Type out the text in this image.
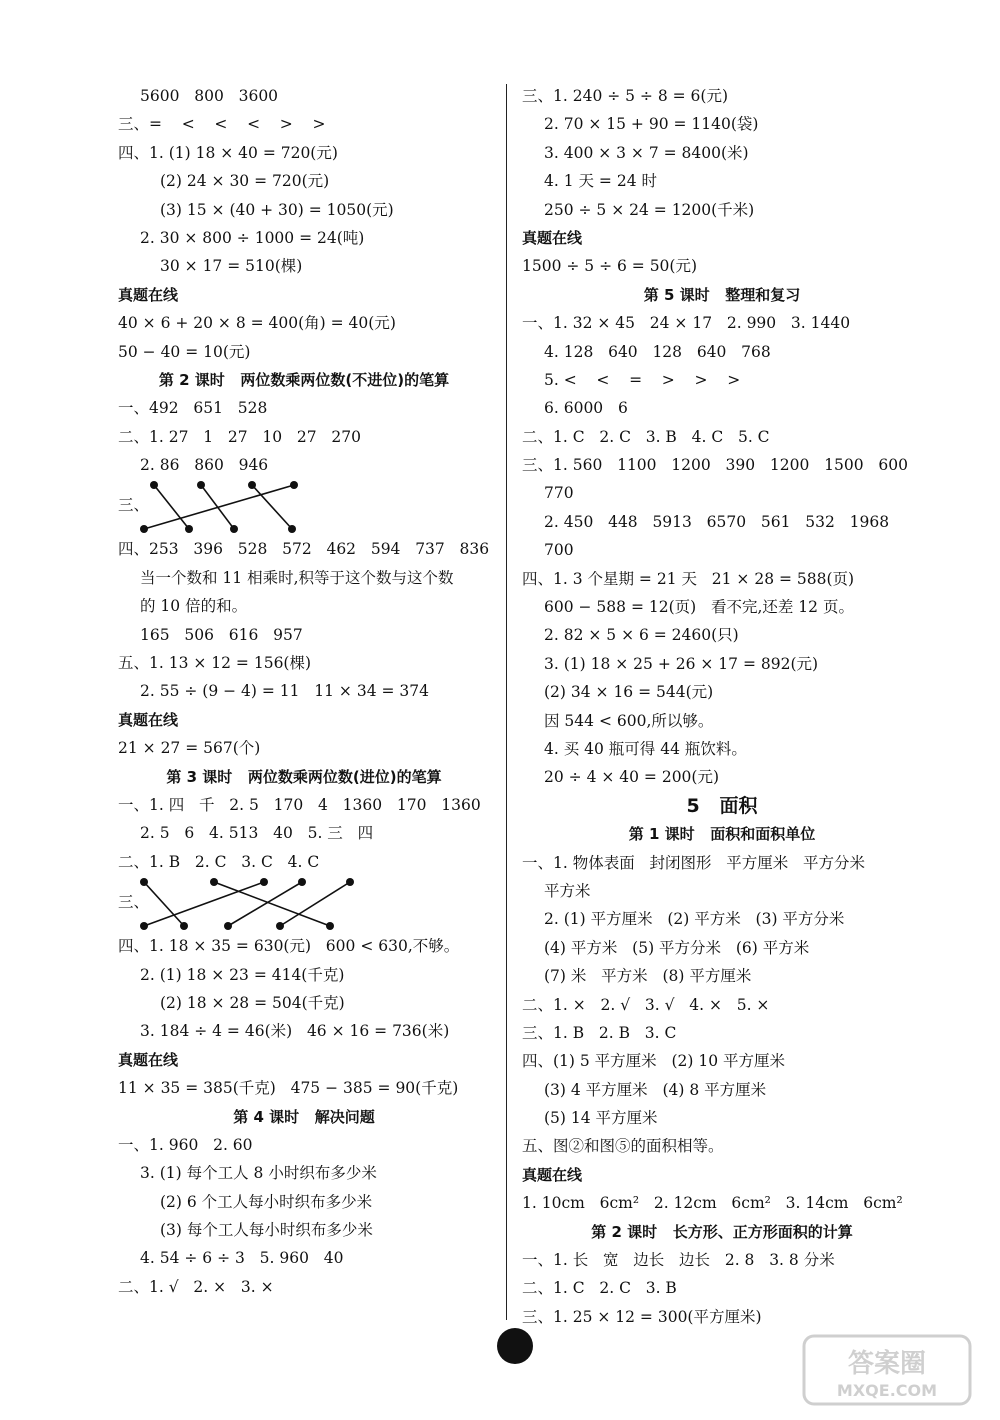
5600   800   3600
三、=    <    <    <    >    >
四、1. (1) 18 × 40 = 720(元)
(2) 24 × 30 = 720(元)
(3) 15 × (40 + 30) = 1050(元)
2. 30 × 800 ÷ 1000 = 24(吨)
30 × 17 = 510(棵)
真题在线
40 × 6 + 20 × 8 = 400(角) = 40(元)
50 − 40 = 10(元)
第 2 课时   两位数乘两位数(不进位)的笔算
一、492   651   528
二、1. 27   1   27   10   27   270
2. 86   860   946
三、
四、253   396   528   572   462   594   737   836
当一个数和 11 相乘时,积等于这个数与这个数
的 10 倍的和。
165   506   616   957
五、1. 13 × 12 = 156(棵)
2. 55 ÷ (9 − 4) = 11   11 × 34 = 374
真题在线
21 × 27 = 567(个)
第 3 课时   两位数乘两位数(进位)的笔算
一、1. 四   千   2. 5   170   4   1360   170   1360
2. 5   6   4. 513   40   5. 三   四
二、1. B   2. C   3. C   4. C
三、
四、1. 18 × 35 = 630(元)   600 < 630,不够。
2. (1) 18 × 23 = 414(千克)
(2) 18 × 28 = 504(千克)
3. 184 ÷ 4 = 46(米)   46 × 16 = 736(米)
真题在线
11 × 35 = 385(千克)   475 − 385 = 90(千克)
第 4 课时   解决问题
一、1. 960   2. 60
3. (1) 每个工人 8 小时织布多少米
(2) 6 个工人每小时织布多少米
(3) 每个工人每小时织布多少米
4. 54 ÷ 6 ÷ 3   5. 960   40
二、1. √   2. ×   3. ×
三、1. 240 ÷ 5 ÷ 8 = 6(元)
2. 70 × 15 + 90 = 1140(袋)
3. 400 × 3 × 7 = 8400(米)
4. 1 天 = 24 时
250 ÷ 5 × 24 = 1200(千米)
真题在线
1500 ÷ 5 ÷ 6 = 50(元)
第 5 课时   整理和复习
一、1. 32 × 45   24 × 17   2. 990   3. 1440
4. 128   640   128   640   768
5. <    <    =    >    >    >
6. 6000   6
二、1. C   2. C   3. B   4. C   5. C
三、1. 560   1100   1200   390   1200   1500   600
770
2. 450   448   5913   6570   561   532   1968
700
四、1. 3 个星期 = 21 天   21 × 28 = 588(页)
600 − 588 = 12(页)   看不完,还差 12 页。
2. 82 × 5 × 6 = 2460(只)
3. (1) 18 × 25 + 26 × 17 = 892(元)
(2) 34 × 16 = 544(元)
因 544 < 600,所以够。
4. 买 40 瓶可得 44 瓶饮料。
20 ÷ 4 × 40 = 200(元)
5   面积
第 1 课时   面积和面积单位
一、1. 物体表面   封闭图形   平方厘米   平方分米
平方米
2. (1) 平方厘米   (2) 平方米   (3) 平方分米
(4) 平方米   (5) 平方分米   (6) 平方米
(7) 米   平方米   (8) 平方厘米
二、1. ×   2. √   3. √   4. ×   5. ×
三、1. B   2. B   3. C
四、(1) 5 平方厘米   (2) 10 平方厘米
(3) 4 平方厘米   (4) 8 平方厘米
(5) 14 平方厘米
五、图②和图⑤的面积相等。
真题在线
1. 10cm   6cm²   2. 12cm   6cm²   3. 14cm   6cm²
第 2 课时   长方形、正方形面积的计算
一、1. 长   宽   边长   边长   2. 8   3. 8 分米
二、1. C   2. C   3. B
三、1. 25 × 12 = 300(平方厘米)
答案圈
MXQE.COM
